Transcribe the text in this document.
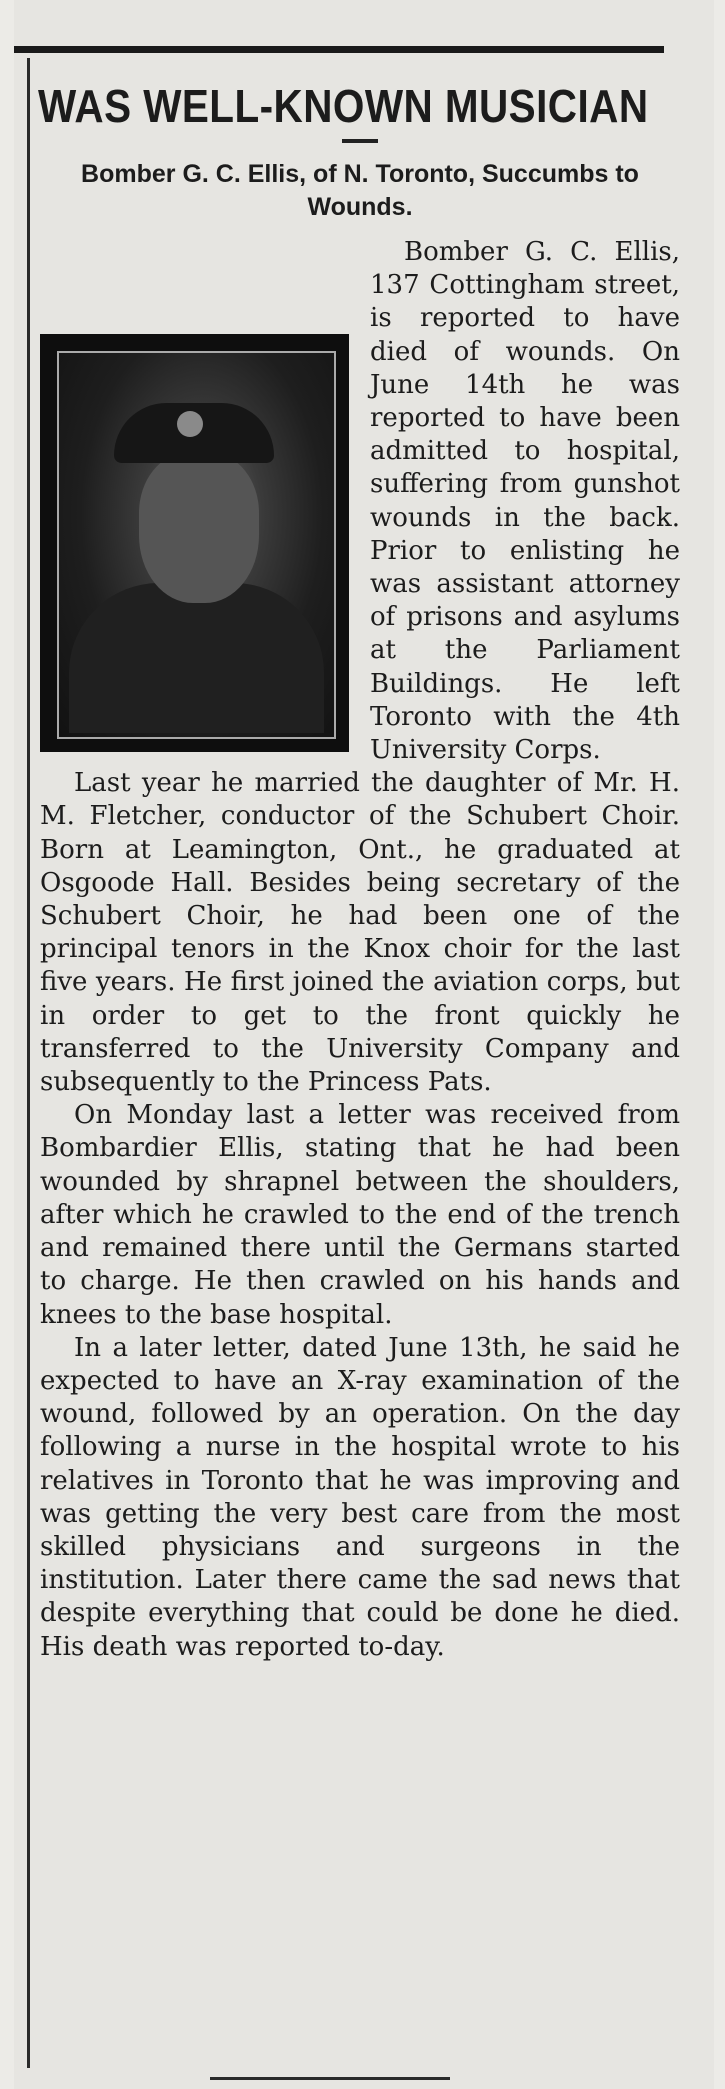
WAS WELL-KNOWN MUSICIAN
Bomber G. C. Ellis, of N. Toronto, Succumbs to Wounds.

Bomber G. C. Ellis, 137 Cottingham street, is reported to have died of wounds. On June 14th he was reported to have been admitted to hospital, suffering from gunshot wounds in the back. Prior to enlisting he was assistant attorney of prisons and asylums at the Parliament Buildings. He left Toronto with the 4th University Corps.

Last year he married the daughter of Mr. H. M. Fletcher, conductor of the Schubert Choir. Born at Leamington, Ont., he graduated at Osgoode Hall. Besides being secretary of the Schubert Choir, he had been one of the principal tenors in the Knox choir for the last five years. He first joined the aviation corps, but in order to get to the front quickly he transferred to the University Company and subsequently to the Princess Pats.

On Monday last a letter was received from Bombardier Ellis, stating that he had been wounded by shrapnel between the shoulders, after which he crawled to the end of the trench and remained there until the Germans started to charge. He then crawled on his hands and knees to the base hospital.

In a later letter, dated June 13th, he said he expected to have an X-ray examination of the wound, followed by an operation. On the day following a nurse in the hospital wrote to his relatives in Toronto that he was improving and was getting the very best care from the most skilled physicians and surgeons in the institution. Later there came the sad news that despite everything that could be done he died. His death was reported to-day.
